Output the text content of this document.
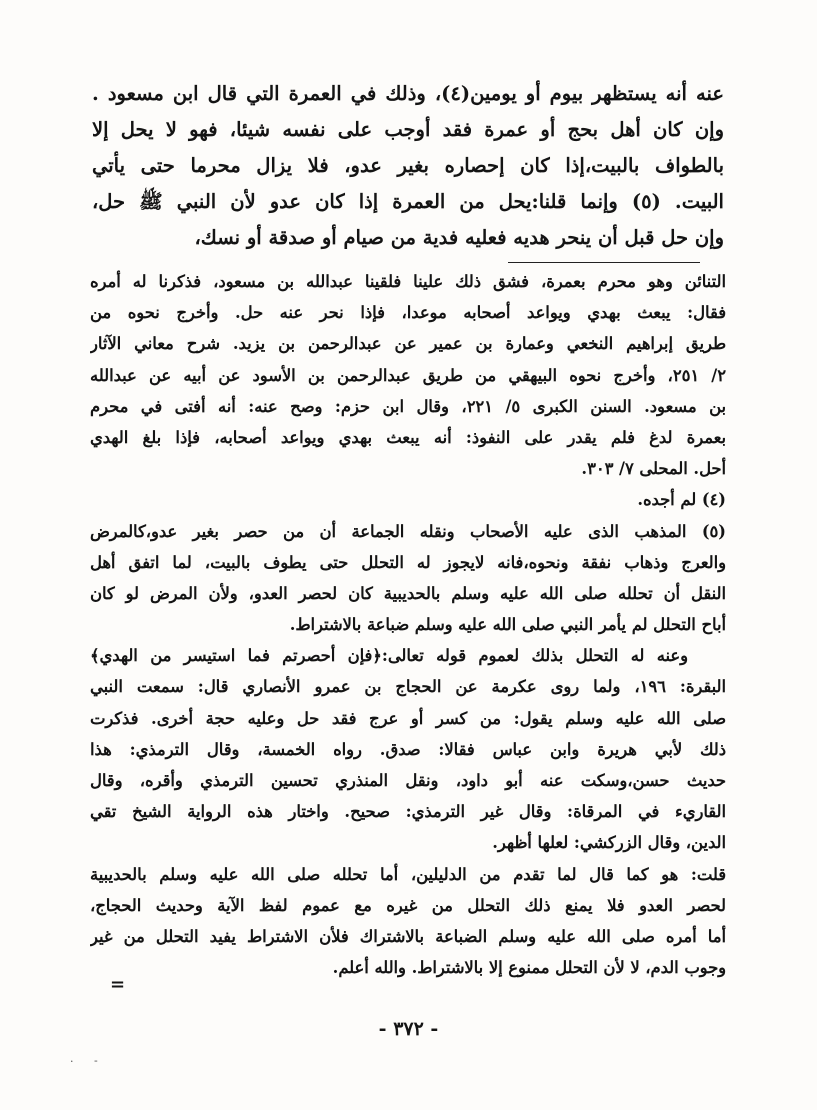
عنه أنه يستظهر بيوم أو يومين(٤)، وذلك في العمرة التي قال ابن مسعود .
وإن كان أهل بحج أو عمرة فقد أوجب على نفسه شيئا، فهو لا يحل إلا
بالطواف بالبيت،إذا كان إحصاره بغير عدو، فلا يزال محرما حتى يأتي
البيت. (٥) وإنما قلنا:يحل من العمرة إذا كان عدو لأن النبي ﷺ حل،
وإن حل قبل أن ينحر هديه فعليه فدية من صيام أو صدقة أو نسك،
التنائن وهو محرم بعمرة، فشق ذلك علينا فلقينا عبدالله بن مسعود، فذكرنا له أمره
فقال: يبعث بهدي ويواعد أصحابه موعدا، فإذا نحر عنه حل. وأخرج نحوه من
طريق إبراهيم النخعي وعمارة بن عمير عن عبدالرحمن بن يزيد. شرح معاني الآثار
٢/ ٢٥١، وأخرج نحوه البيهقي من طريق عبدالرحمن بن الأسود عن أبيه عن عبدالله
بن مسعود. السنن الكبرى ٥/ ٢٢١، وقال ابن حزم: وصح عنه: أنه أفتى في محرم
بعمرة لدغ فلم يقدر على النفوذ: أنه يبعث بهدي ويواعد أصحابه، فإذا بلغ الهدي
أحل. المحلى ٧/ ٣٠٣.
(٤) لم أجده.
(٥) المذهب الذى عليه الأصحاب ونقله الجماعة أن من حصر بغير عدو،كالمرض
والعرج وذهاب نفقة ونحوه،فانه لايجوز له التحلل حتى يطوف بالبيت، لما اتفق أهل
النقل أن تحلله صلى الله عليه وسلم بالحديبية كان لحصر العدو، ولأن المرض لو كان
أباح التحلل لم يأمر النبي صلى الله عليه وسلم ضباعة بالاشتراط.
وعنه له التحلل بذلك لعموم قوله تعالى:﴿فإن أحصرتم فما استيسر من الهدي﴾
البقرة: ١٩٦، ولما روى عكرمة عن الحجاج بن عمرو الأنصاري قال: سمعت النبي
صلى الله عليه وسلم يقول: من كسر أو عرج فقد حل وعليه حجة أخرى. فذكرت
ذلك لأبي هريرة وابن عباس فقالا: صدق. رواه الخمسة، وقال الترمذي: هذا
حديث حسن،وسكت عنه أبو داود، ونقل المنذري تحسين الترمذي وأقره، وقال
القاريء في المرقاة: وقال غير الترمذي: صحيح. واختار هذه الرواية الشيخ تقي
الدين، وقال الزركشي: لعلها أظهر.
قلت: هو كما قال لما تقدم من الدليلين، أما تحلله صلى الله عليه وسلم بالحديبية
لحصر العدو فلا يمنع ذلك التحلل من غيره مع عموم لفظ الآية وحديث الحجاج،
أما أمره صلى الله عليه وسلم الضباعة بالاشتراك فلأن الاشتراط يفيد التحلل من غير
وجوب الدم، لا لأن التحلل ممنوع إلا بالاشتراط. والله أعلم.
=
- ٣٧٢ -
. -
